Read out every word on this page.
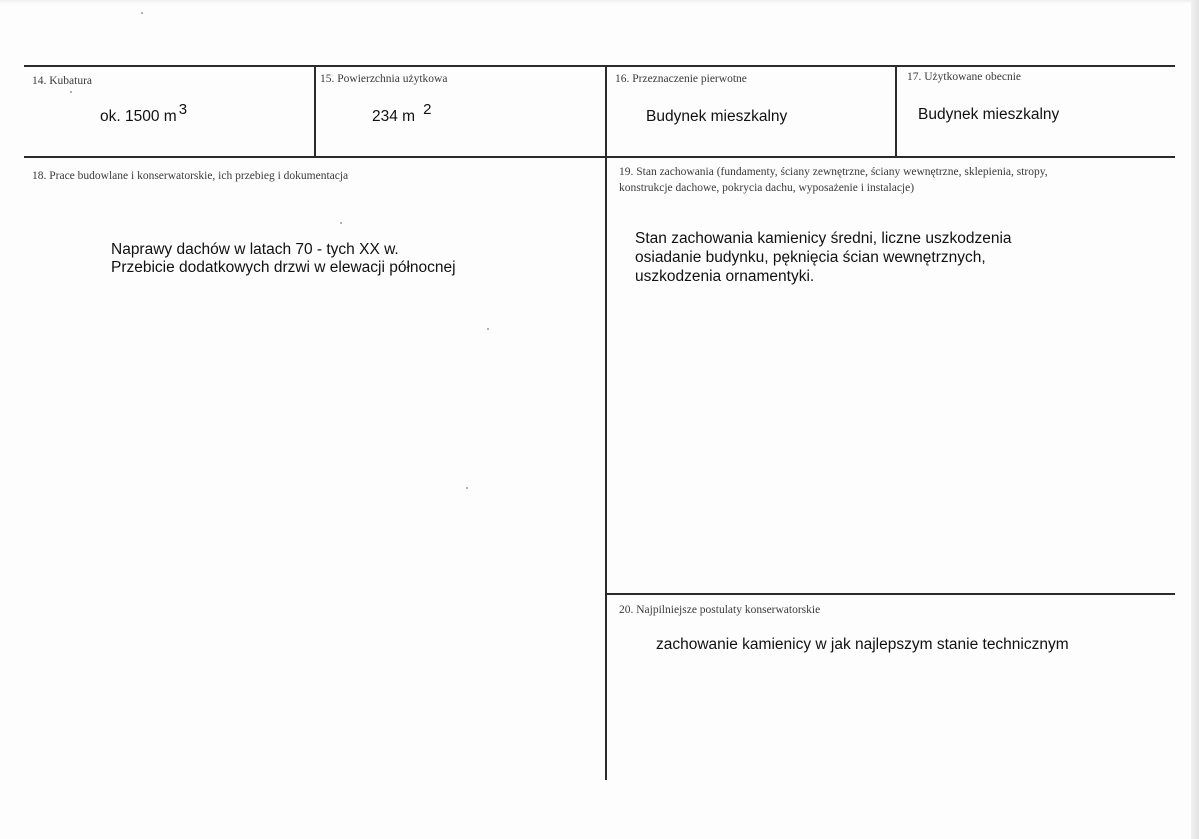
14. Kubatura
ok. 1500 m 3
15. Powierzchnia użytkowa
234 m 2
16. Przeznaczenie pierwotne
Budynek mieszkalny
17. Użytkowane obecnie
Budynek mieszkalny
18. Prace budowlane i konserwatorskie, ich przebieg i dokumentacja
Naprawy dachów w latach 70 - tych XX w.
Przebicie dodatkowych drzwi w elewacji północnej
19. Stan zachowania (fundamenty, ściany zewnętrzne, ściany wewnętrzne, sklepienia, stropy,
konstrukcje dachowe, pokrycia dachu, wyposażenie i instalacje)
Stan zachowania kamienicy średni, liczne uszkodzenia
osiadanie budynku, pęknięcia ścian wewnętrznych,
uszkodzenia ornamentyki.
20. Najpilniejsze postulaty konserwatorskie
zachowanie kamienicy w jak najlepszym stanie technicznym
